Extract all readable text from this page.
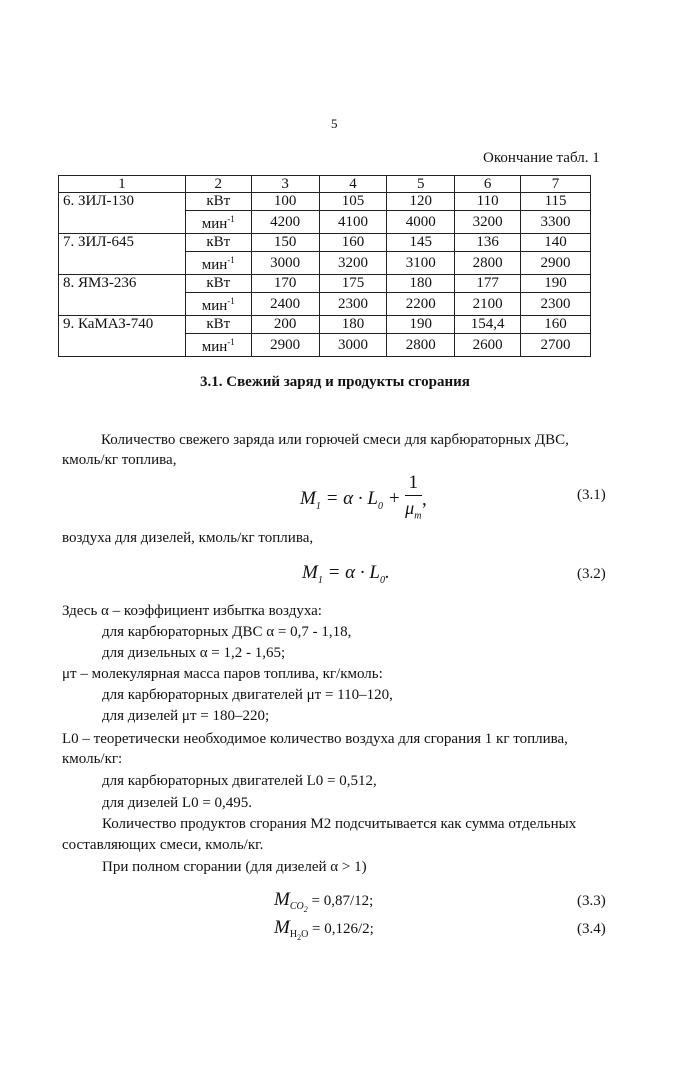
5
Окончание табл. 1
1	2	3	4	5	6	7
6. ЗИЛ-130	кВт	100	105	120	110	115
	мин$^{-1}$	4200	4100	4000	3200	3300
7. ЗИЛ-645	кВт	150	160	145	136	140
	мин$^{-1}$	3000	3200	3100	2800	2900
8. ЯМЗ-236	кВт	170	175	180	177	190
	мин$^{-1}$	2400	2300	2200	2100	2300
9. КаМАЗ-740	кВт	200	180	190	154,4	160
	мин$^{-1}$	2900	3000	2800	2600	2700
3.1. Свежий заряд и продукты сгорания
Количество свежего заряда или горючей смеси для карбюраторных ДВС,
кмоль/кг топлива,
$M_1 = \alpha \cdot L_0 + \frac{1}{\mu_т}$ ,	(3.1)
воздуха для дизелей, кмоль/кг топлива,
$M_1 = \alpha \cdot L_0$.	(3.2)
Здесь α – коэффициент избытка воздуха:
для карбюраторных ДВС α = 0,7 - 1,18,
для дизельных α = 1,2 - 1,65;
μт – молекулярная масса паров топлива, кг/кмоль:
для карбюраторных двигателей μт = 110–120,
для дизелей μт = 180–220;
L0 – теоретически необходимое количество воздуха для сгорания 1 кг топлива,
кмоль/кг:
для карбюраторных двигателей L0 = 0,512,
для дизелей L0 = 0,495.
Количество продуктов сгорания M2 подсчитывается как сумма отдельных
составляющих смеси, кмоль/кг.
При полном сгорании (для дизелей α > 1)
$M_{CO_2} = 0,87/12$;	(3.3)
$M_{H_2O} = 0,126/2$;	(3.4)
